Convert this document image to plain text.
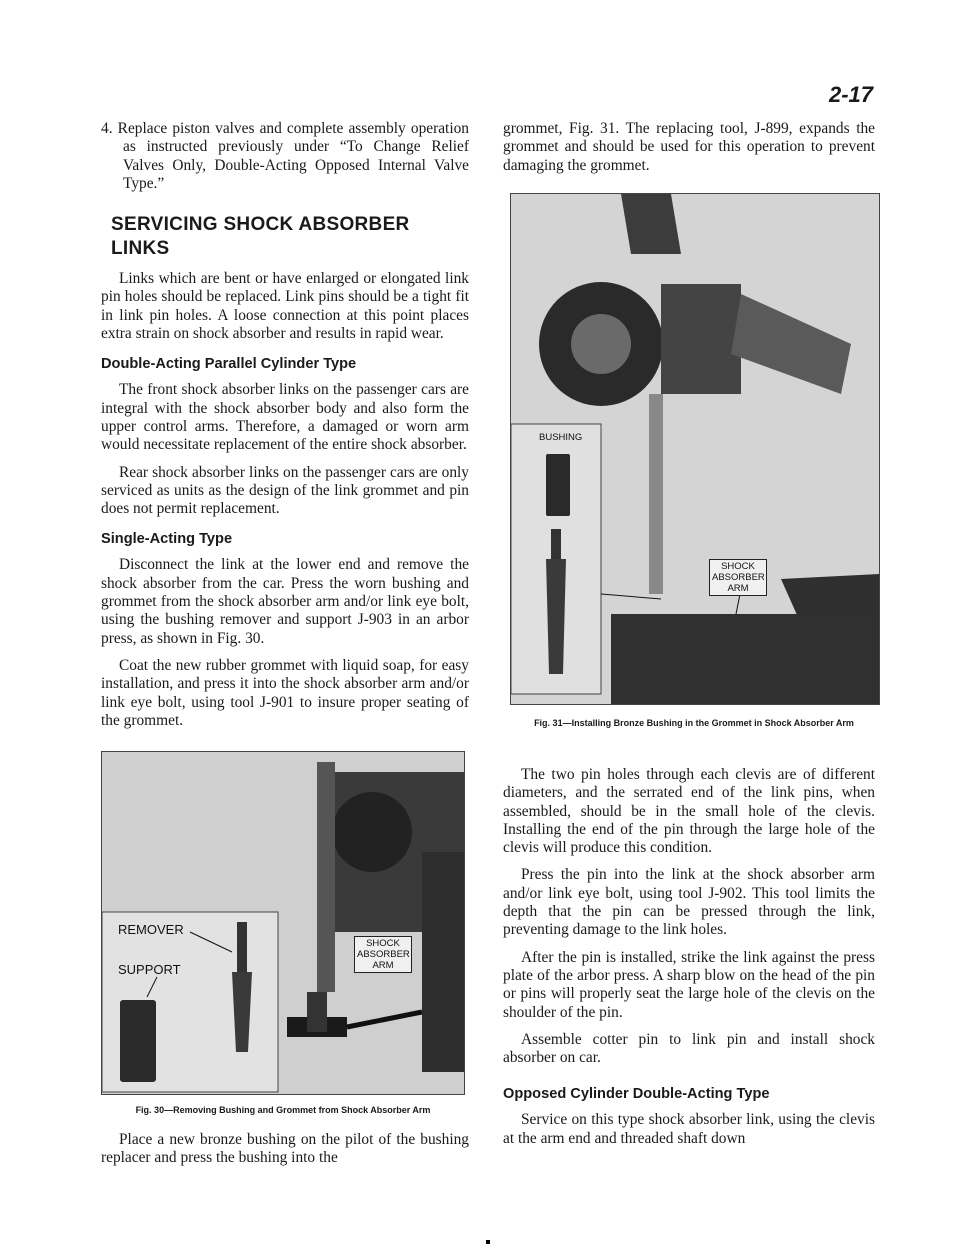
2-17

4. Replace piston valves and complete assembly operation as instructed previously under “To Change Relief Valves Only, Double-Acting Opposed Internal Valve Type.”

SERVICING SHOCK ABSORBER LINKS

Links which are bent or have enlarged or elongated link pin holes should be replaced. Link pins should be a tight fit in link pin holes. A loose connection at this point places extra strain on shock absorber and results in rapid wear.

Double-Acting Parallel Cylinder Type

The front shock absorber links on the passenger cars are integral with the shock absorber body and also form the upper control arms. Therefore, a damaged or worn arm would necessitate replacement of the entire shock absorber.

Rear shock absorber links on the passenger cars are only serviced as units as the design of the link grommet and pin does not permit replacement.

Single-Acting Type

Disconnect the link at the lower end and remove the shock absorber from the car. Press the worn bushing and grommet from the shock absorber arm and/or link eye bolt, using the bushing remover and support J-903 in an arbor press, as shown in Fig. 30.

Coat the new rubber grommet with liquid soap, for easy installation, and press it into the shock absorber arm and/or link eye bolt, using tool J-901 to insure proper seating of the grommet.

REMOVER
SUPPORT
SHOCK ABSORBER ARM
Fig. 30—Removing Bushing and Grommet from Shock Absorber Arm

Place a new bronze bushing on the pilot of the bushing replacer and press the bushing into the

grommet, Fig. 31. The replacing tool, J-899, expands the grommet and should be used for this operation to prevent damaging the grommet.

BUSHING
SHOCK ABSORBER ARM
Fig. 31—Installing Bronze Bushing in the Grommet in Shock Absorber Arm

The two pin holes through each clevis are of different diameters, and the serrated end of the link pins, when assembled, should be in the small hole of the clevis. Installing the end of the pin through the large hole of the clevis will produce this condition.

Press the pin into the link at the shock absorber arm and/or link eye bolt, using tool J-902. This tool limits the depth that the pin can be pressed through the link, preventing damage to the link holes.

After the pin is installed, strike the link against the press plate of the arbor press. A sharp blow on the head of the pin or pins will properly seat the large hole of the clevis on the shoulder of the pin.

Assemble cotter pin to link pin and install shock absorber on car.

Opposed Cylinder Double-Acting Type

Service on this type shock absorber link, using the clevis at the arm end and threaded shaft down
